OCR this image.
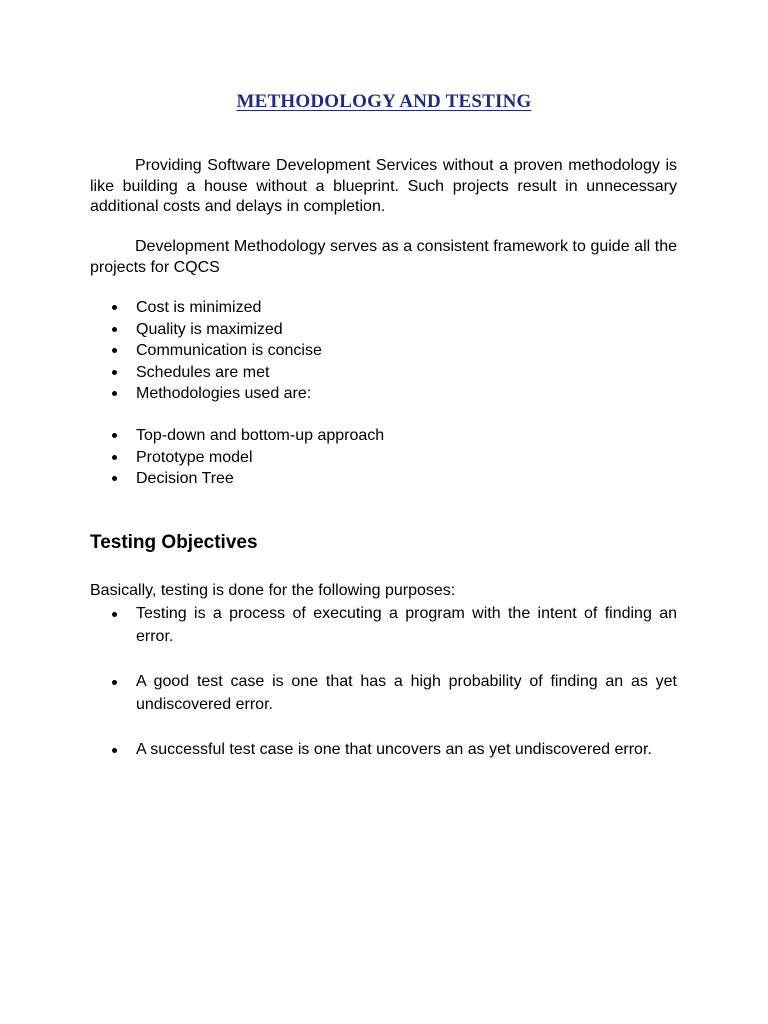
METHODOLOGY AND TESTING

Providing Software Development Services without a proven methodology is like building a house without a blueprint. Such projects result in unnecessary additional costs and delays in completion.

Development Methodology serves as a consistent framework to guide all the projects for CQCS

Cost is minimized
Quality is maximized
Communication is concise
Schedules are met
Methodologies used are:
Top-down and bottom-up approach
Prototype model
Decision Tree
Testing Objectives

Basically, testing is done for the following purposes:

Testing is a process of executing a program with the intent of finding an error.
A good test case is one that has a high probability of finding an as yet undiscovered error.
A successful test case is one that uncovers an as yet undiscovered error.
